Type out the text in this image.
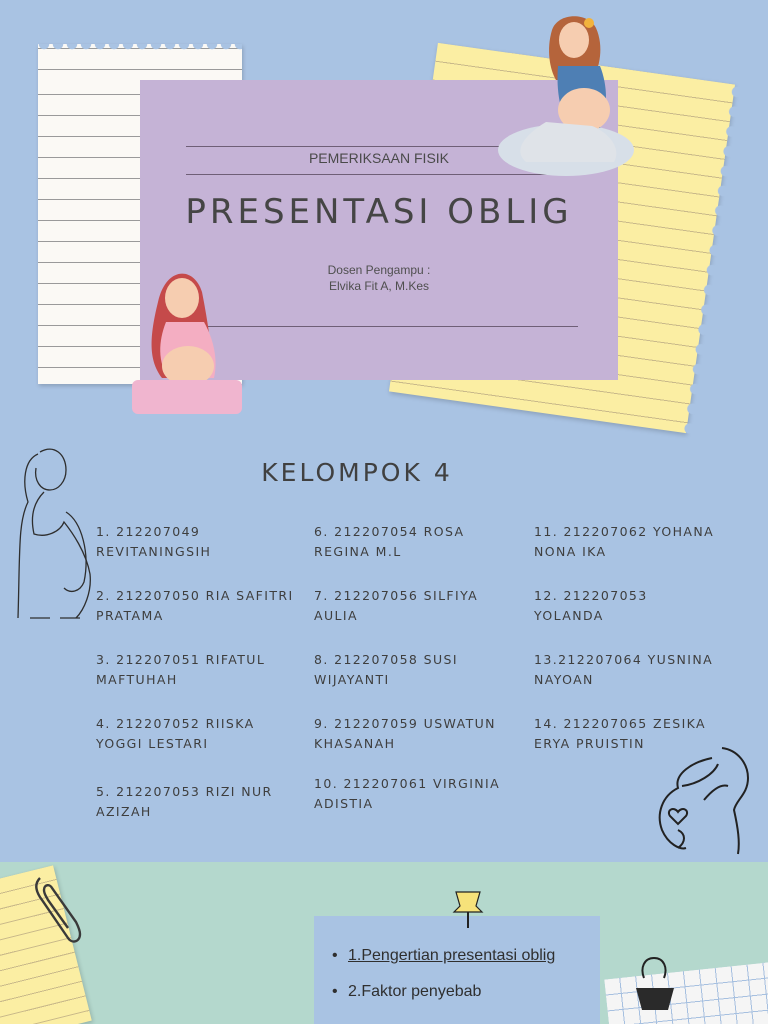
PEMERIKSAAN FISIK
PRESENTASI OBLIG
Dosen Pengampu :
Elvika Fit A, M.Kes
KELOMPOK 4
1. 212207049 REVITANINGSIH
2. 212207050 RIA SAFITRI PRATAMA
3. 212207051 RIFATUL MAFTUHAH
4. 212207052 RIISKA YOGGI LESTARI
5. 212207053 RIZI NUR AZIZAH
6. 212207054 ROSA REGINA M.L
7. 212207056 SILFIYA AULIA
8. 212207058 SUSI WIJAYANTI
9. 212207059 USWATUN KHASANAH
10. 212207061 VIRGINIA ADISTIA
11. 212207062 YOHANA NONA IKA
12. 212207053 YOLANDA
13.212207064 YUSNINA NAYOAN
14. 212207065 ZESIKA ERYA PRUISTIN
• 1.Pengertian presentasi oblig
• 2.Faktor penyebab
